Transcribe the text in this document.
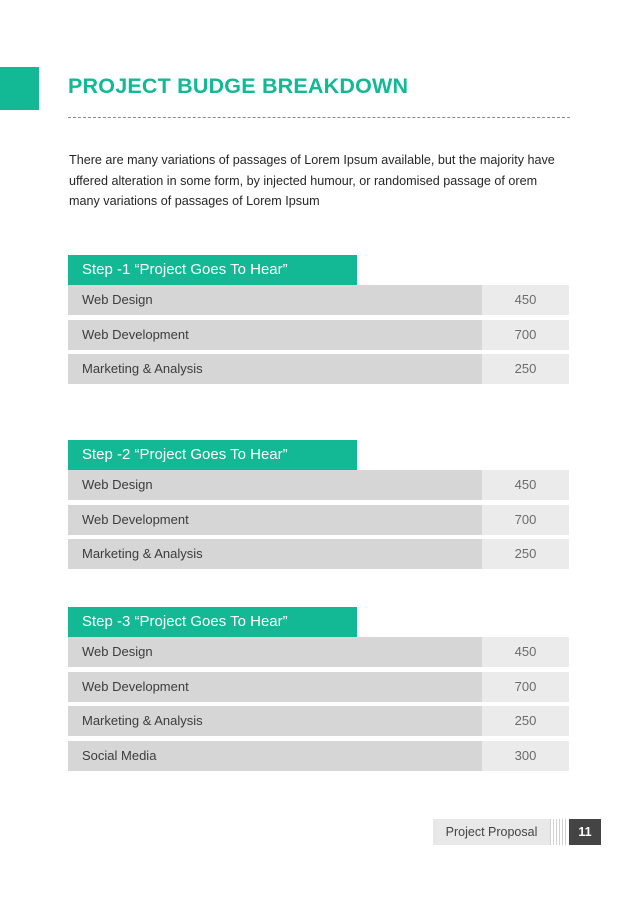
PROJECT BUDGE BREAKDOWN
There are many variations of passages of Lorem Ipsum available, but the majority have uffered alteration in some form, by injected humour, or randomised passage of orem many variations of passages of Lorem Ipsum
Step -1 “Project Goes To Hear”
Web Design	450
Web Development	700
Marketing & Analysis	250
Step -2 “Project Goes To Hear”
Web Design	450
Web Development	700
Marketing & Analysis	250
Step -3 “Project Goes To Hear”
Web Design	450
Web Development	700
Marketing & Analysis	250
Social Media	300
Project Proposal	11
